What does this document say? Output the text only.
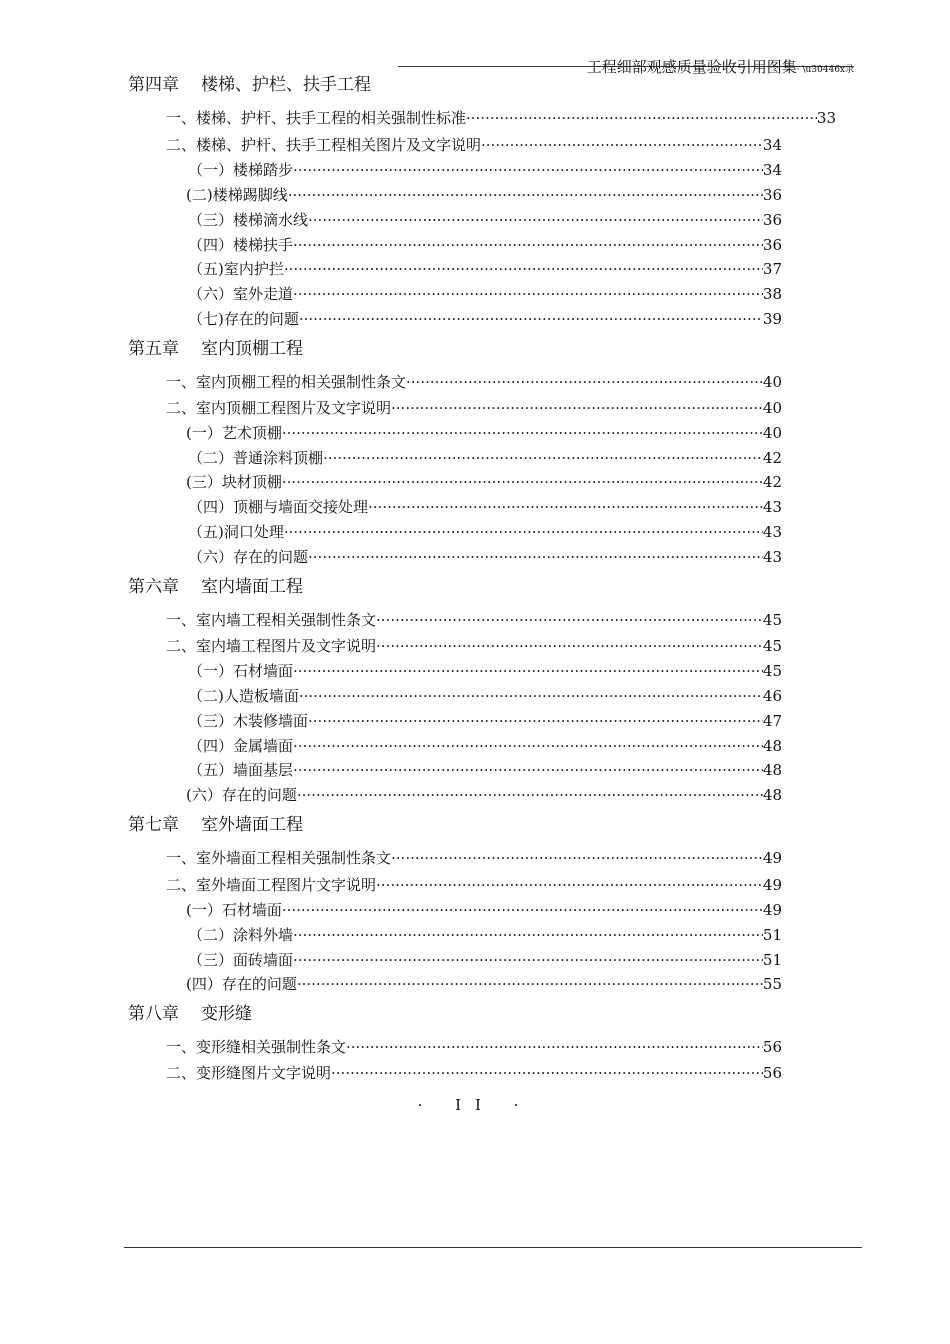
工程细部观感质量验收引用图集· \u30446x录
第四章 楼梯、护栏、扶手工程
一、楼梯、护杆、扶手工程的相关强制性标准 ·····	33
二、楼梯、护杆、扶手工程相关图片及文字说明 ·····	34
（一）楼梯踏步 ·····	34
(二)楼梯踢脚线 ·····	36
（三）楼梯滴水线 ·····	36
（四）楼梯扶手 ·····	36
（五)室内护拦 ·····	37
（六）室外走道 ·····	38
（七)存在的问题 ·····	39
第五章 室内顶棚工程
一、室内顶棚工程的相关强制性条文 ·····	40
二、室内顶棚工程图片及文字说明 ·····	40
(一）艺术顶棚 ·····	40
（二）普通涂料顶棚 ·····	42
(三）块材顶棚 ·····	42
（四）顶棚与墙面交接处理 ·····	43
（五)洞口处理 ·····	43
（六）存在的问题 ·····	43
第六章 室内墙面工程
一、室内墙工程相关强制性条文 ·····	45
二、室内墙工程图片及文字说明 ·····	45
（一）石材墙面 ·····	45
（二)人造板墙面 ·····	46
（三）木装修墙面 ·····	47
（四）金属墙面 ·····	48
（五）墙面基层 ·····	48
(六）存在的问题 ·····	48
第七章 室外墙面工程
一、室外墙面工程相关强制性条文 ·····	49
二、室外墙面工程图片文字说明 ·····	49
(一）石材墙面 ·····	49
（二）涂料外墙 ·····	51
（三）面砖墙面 ·····	51
(四）存在的问题 ·····	55
第八章 变形缝
一、变形缝相关强制性条文 ·····	56
二、变形缝图片文字说明 ·····	56
· II ·
